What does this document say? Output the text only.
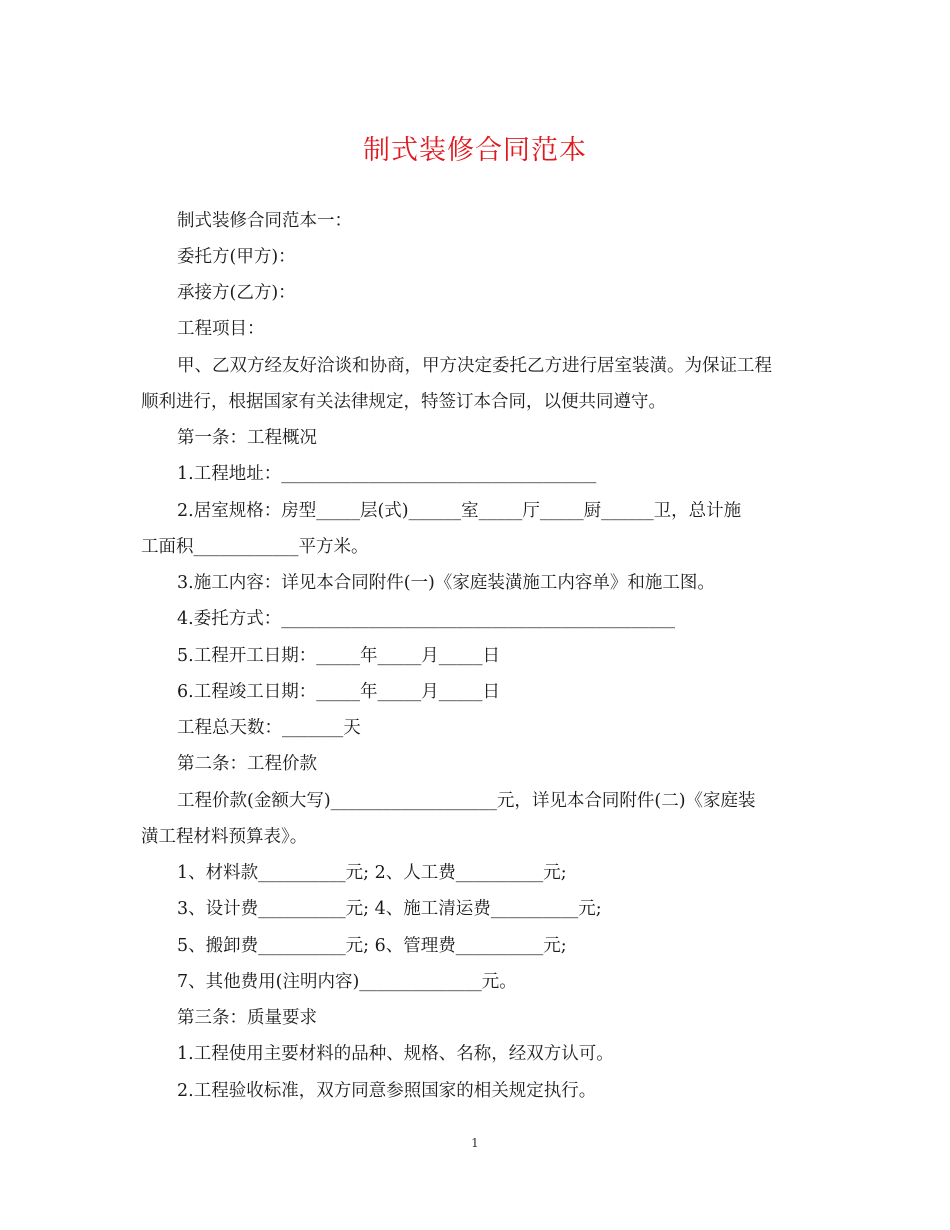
制式装修合同范本
制式装修合同范本一：
委托方(甲方)：
承接方(乙方)：
工程项目：
甲、乙双方经友好洽谈和协商，甲方决定委托乙方进行居室装潢。为保证工程
顺利进行，根据国家有关法律规定，特签订本合同，以便共同遵守。
第一条：工程概况
1.工程地址：____________________________________
2.居室规格：房型_____层(式)______室_____厅_____厨______卫，总计施
工面积____________平方米。
3.施工内容：详见本合同附件(一)《家庭装潢施工内容单》和施工图。
4.委托方式：_____________________________________________
5.工程开工日期：_____年_____月_____日
6.工程竣工日期：_____年_____月_____日
工程总天数：_______天
第二条：工程价款
工程价款(金额大写)___________________元，详见本合同附件(二)《家庭装
潢工程材料预算表》。
1、材料款__________元; 2、人工费__________元;
3、设计费__________元; 4、施工清运费__________元;
5、搬卸费__________元; 6、管理费__________元;
7、其他费用(注明内容)______________元。
第三条：质量要求
1.工程使用主要材料的品种、规格、名称，经双方认可。
2.工程验收标准，双方同意参照国家的相关规定执行。
1
